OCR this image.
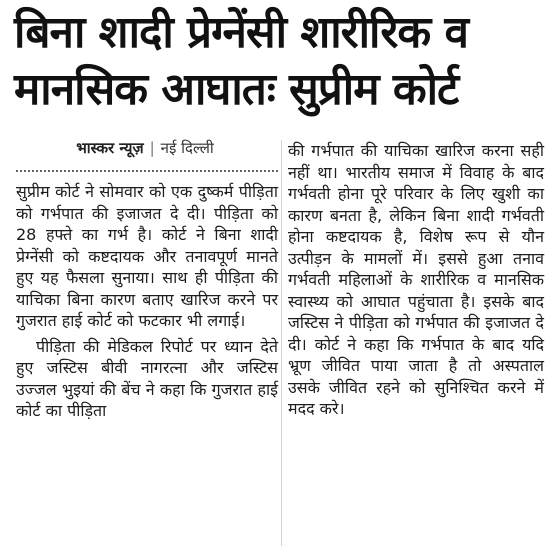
बिना शादी प्रेग्नेंसी शारीरिक व
मानसिक आघातः सुप्रीम कोर्ट
भास्कर न्यूज़ | नई दिल्ली

सुप्रीम कोर्ट ने सोमवार को एक दुष्कर्म पीड़िता को गर्भपात की इजाजत दे दी। पीड़िता को 28 हफ्ते का गर्भ है। कोर्ट ने बिना शादी प्रेग्नेंसी को कष्टदायक और तनावपूर्ण मानते हुए यह फैसला सुनाया। साथ ही पीड़िता की याचिका बिना कारण बताए खारिज करने पर गुजरात हाई कोर्ट को फटकार भी लगाई।

पीड़िता की मेडिकल रिपोर्ट पर ध्यान देते हुए जस्टिस बीवी नागरत्ना और जस्टिस उज्जल भुइयां की बेंच ने कहा कि गुजरात हाई कोर्ट का पीड़िता

की गर्भपात की याचिका खारिज करना सही नहीं था। भारतीय समाज में विवाह के बाद गर्भवती होना पूरे परिवार के लिए खुशी का कारण बनता है, लेकिन बिना शादी गर्भवती होना कष्टदायक है, विशेष रूप से यौन उत्पीड़न के मामलों में। इससे हुआ तनाव गर्भवती महिलाओं के शारीरिक व मानसिक स्वास्थ्य को आघात पहुंचाता है। इसके बाद जस्टिस ने पीड़िता को गर्भपात की इजाजत दे दी। कोर्ट ने कहा कि गर्भपात के बाद यदि भ्रूण जीवित पाया जाता है तो अस्पताल उसके जीवित रहने को सुनिश्चित करने में मदद करे।
